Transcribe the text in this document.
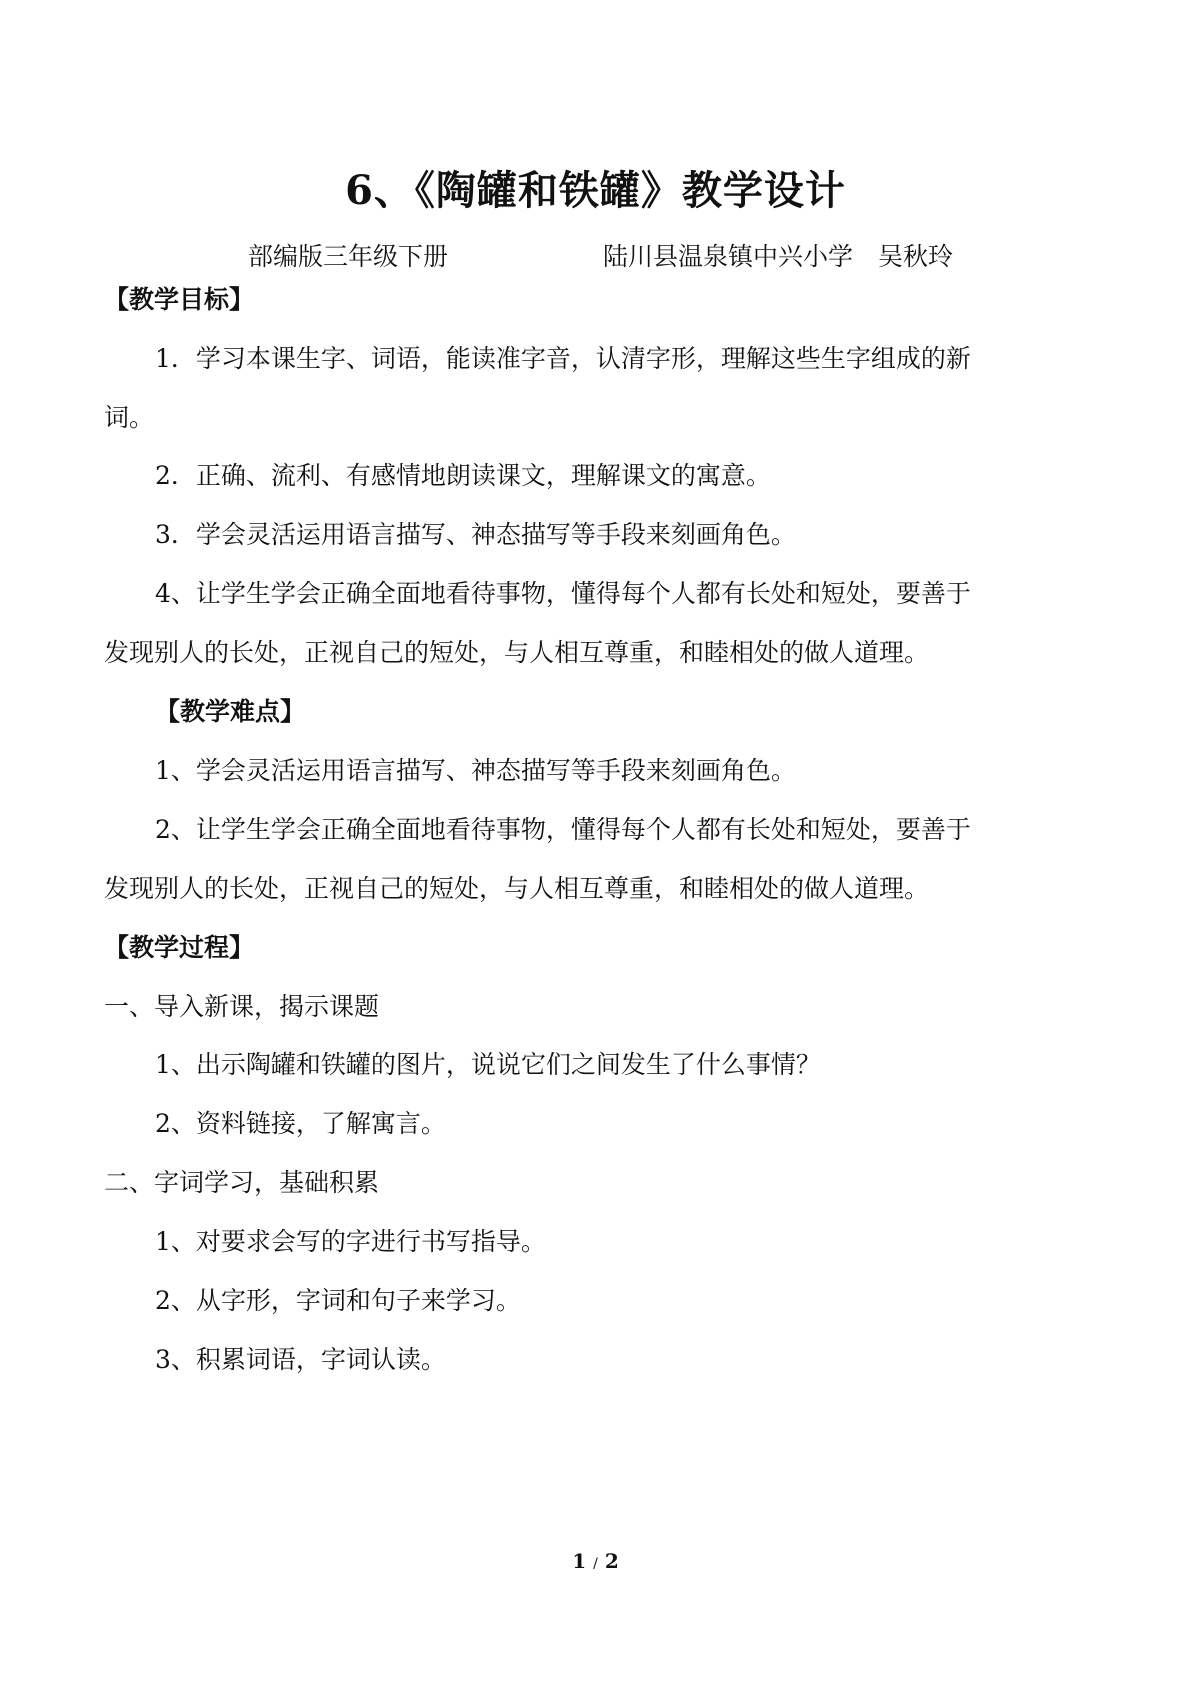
6、《陶罐和铁罐》教学设计
部编版三年级下册	陆川县温泉镇中兴小学　吴秋玲
【教学目标】
1．学习本课生字、词语，能读准字音，认清字形，理解这些生字组成的新
词。
2．正确、流利、有感情地朗读课文，理解课文的寓意。
3．学会灵活运用语言描写、神态描写等手段来刻画角色。
4、让学生学会正确全面地看待事物，懂得每个人都有长处和短处，要善于
发现别人的长处，正视自己的短处，与人相互尊重，和睦相处的做人道理。
【教学难点】
1、学会灵活运用语言描写、神态描写等手段来刻画角色。
2、让学生学会正确全面地看待事物，懂得每个人都有长处和短处，要善于
发现别人的长处，正视自己的短处，与人相互尊重，和睦相处的做人道理。
【教学过程】
一、导入新课，揭示课题
1、出示陶罐和铁罐的图片，说说它们之间发生了什么事情？
2、资料链接，了解寓言。
二、字词学习，基础积累
1、对要求会写的字进行书写指导。
2、从字形，字词和句子来学习。
3、积累词语，字词认读。
1 / 2
